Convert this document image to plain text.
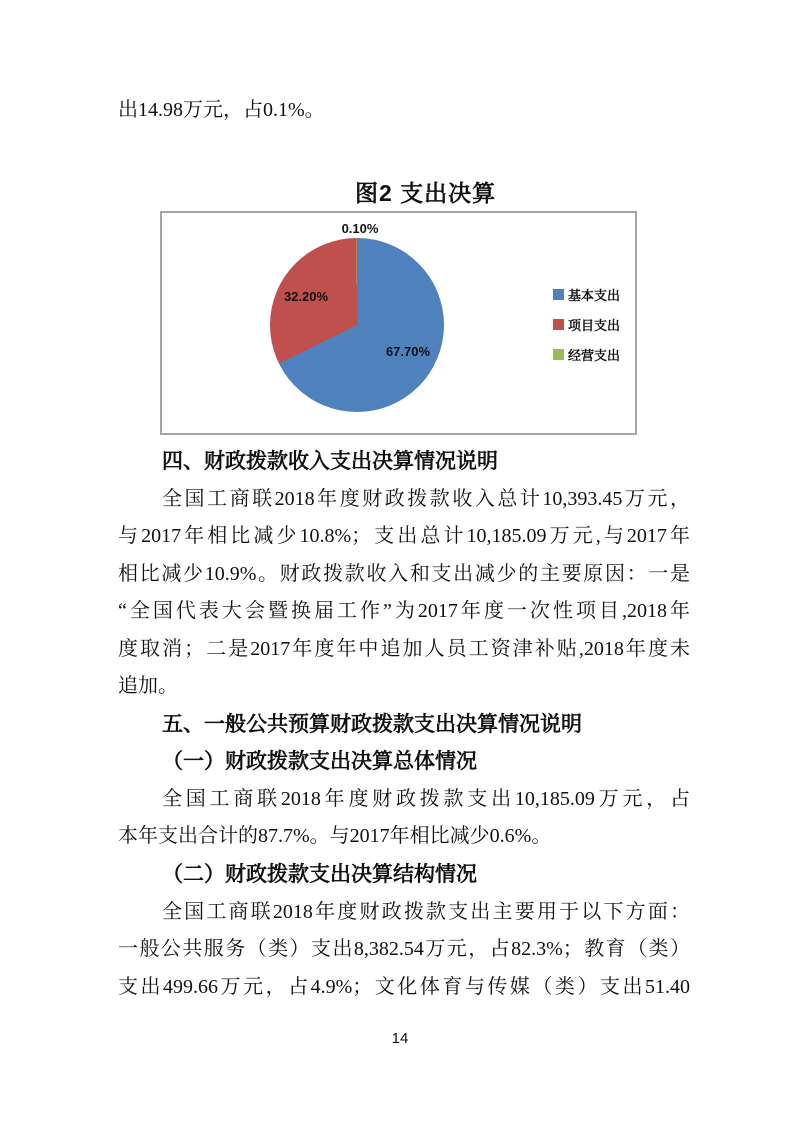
出14.98万元，占0.1%。
图2 支出决算
0.10%
32.20%
67.70%
基本支出
项目支出
经营支出
四、财政拨款收入支出决算情况说明
全国工商联2018年度财政拨款收入总计10,393.45万元，
与2017年相比减少10.8%；支出总计10,185.09万元,与2017年
相比减少10.9%。财政拨款收入和支出减少的主要原因：一是
“全国代表大会暨换届工作”为2017年度一次性项目,2018年
度取消；二是2017年度年中追加人员工资津补贴,2018年度未
追加。
五、一般公共预算财政拨款支出决算情况说明
（一）财政拨款支出决算总体情况
全国工商联2018年度财政拨款支出10,185.09万元，占
本年支出合计的87.7%。与2017年相比减少0.6%。
（二）财政拨款支出决算结构情况
全国工商联2018年度财政拨款支出主要用于以下方面：
一般公共服务（类）支出8,382.54万元，占82.3%；教育（类）
支出499.66万元，占4.9%；文化体育与传媒（类）支出51.40
14
